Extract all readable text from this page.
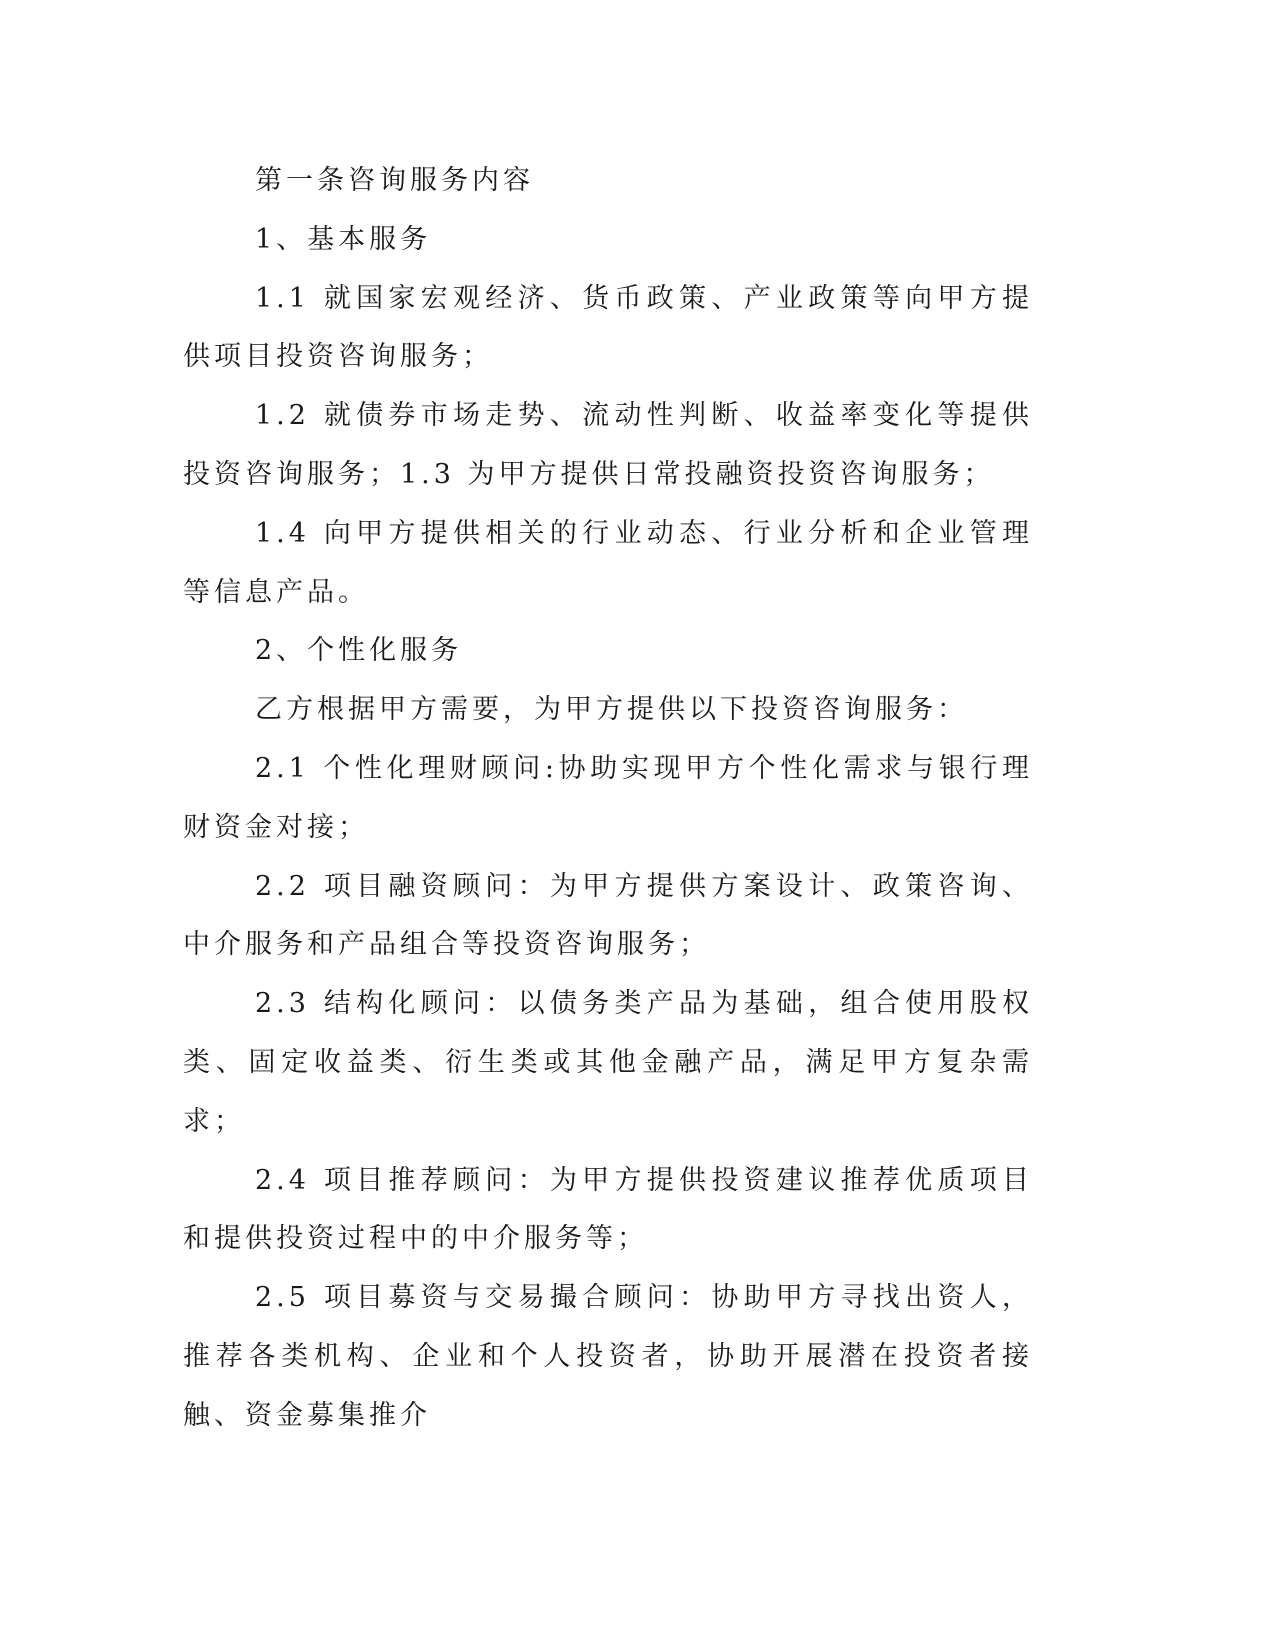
第一条咨询服务内容

1、基本服务

1.1 就国家宏观经济、货币政策、产业政策等向甲方提供项目投资咨询服务；

1.2 就债券市场走势、流动性判断、收益率变化等提供投资咨询服务；1.3 为甲方提供日常投融资投资咨询服务；

1.4 向甲方提供相关的行业动态、行业分析和企业管理等信息产品。

2、个性化服务

乙方根据甲方需要，为甲方提供以下投资咨询服务：

2.1 个性化理财顾问:协助实现甲方个性化需求与银行理财资金对接；

2.2 项目融资顾问：为甲方提供方案设计、政策咨询、中介服务和产品组合等投资咨询服务；

2.3 结构化顾问：以债务类产品为基础，组合使用股权类、固定收益类、衍生类或其他金融产品，满足甲方复杂需求；

2.4 项目推荐顾问：为甲方提供投资建议推荐优质项目和提供投资过程中的中介服务等；

2.5 项目募资与交易撮合顾问：协助甲方寻找出资人，推荐各类机构、企业和个人投资者，协助开展潜在投资者接触、资金募集推介
